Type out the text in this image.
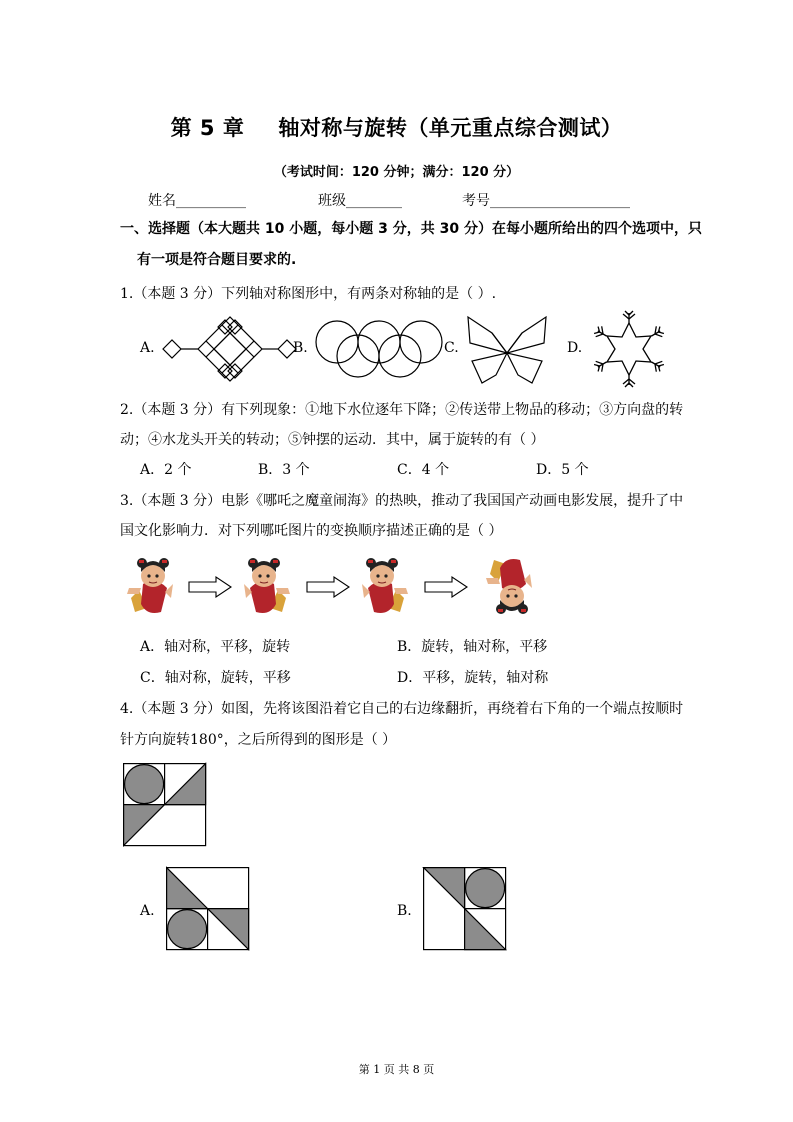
第 5 章 轴对称与旋转（单元重点综合测试）
（考试时间：120 分钟；满分：120 分）
姓名__________	班级________	考号____________________
一、选择题（本大题共 10 小题，每小题 3 分，共 30 分）在每小题所给出的四个选项中，只
有一项是符合题目要求的.
1.（本题 3 分）下列轴对称图形中，有两条对称轴的是（ ）.
A.	B.	C.	D.
2.（本题 3 分）有下列现象：①地下水位逐年下降；②传送带上物品的移动；③方向盘的转
动；④水龙头开关的转动；⑤钟摆的运动．其中，属于旋转的有（ ）
A．2 个	B．3 个	C．4 个	D．5 个
3.（本题 3 分）电影《哪吒之魔童闹海》的热映，推动了我国国产动画电影发展，提升了中
国文化影响力．对下列哪吒图片的变换顺序描述正确的是（ ）
A．轴对称，平移，旋转	B．旋转，轴对称，平移
C．轴对称，旋转，平移	D．平移，旋转，轴对称
4.（本题 3 分）如图，先将该图沿着它自己的右边缘翻折，再绕着右下角的一个端点按顺时
针方向旋转180°，之后所得到的图形是（ ）
A.	B.
第 1 页 共 8 页
